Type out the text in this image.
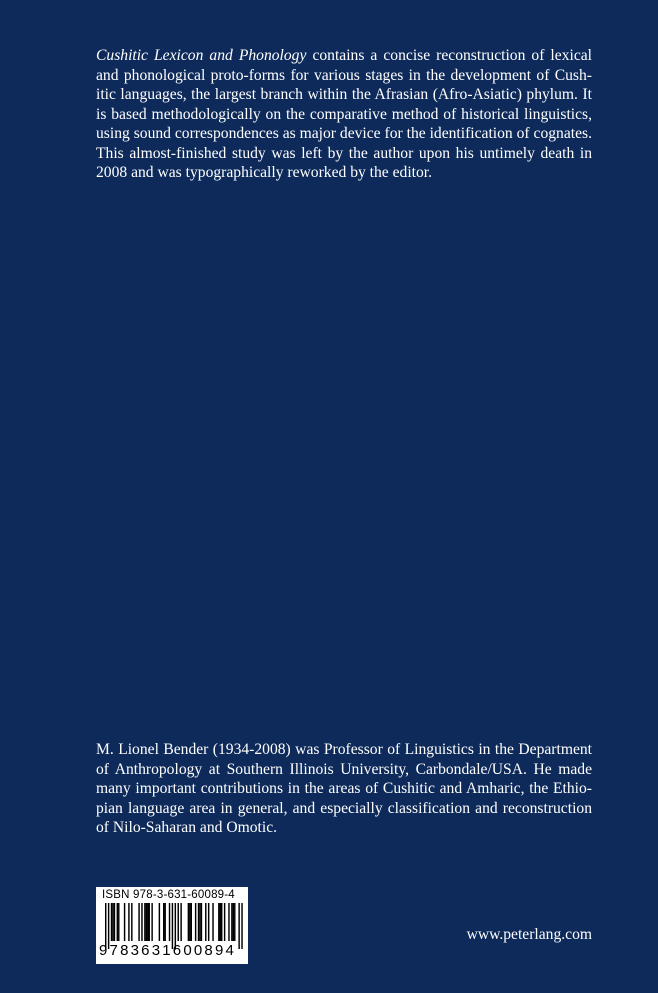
Cushitic Lexicon and Phonology contains a concise reconstruction of lexical and phonological proto-forms for various stages in the development of Cushitic languages, the largest branch within the Afrasian (Afro-Asiatic) phylum. It is based methodologically on the comparative method of historical linguistics, using sound correspondences as major device for the identification of cognates. This almost-finished study was left by the author upon his untimely death in 2008 and was typographically reworked by the editor.
M. Lionel Bender (1934-2008) was Professor of Linguistics in the Department of Anthropology at Southern Illinois University, Carbondale/USA. He made many important contributions in the areas of Cushitic and Amharic, the Ethiopian language area in general, and especially classification and reconstruction of Nilo-Saharan and Omotic.
ISBN 978-3-631-60089-4
9783631600894
www.peterlang.com
